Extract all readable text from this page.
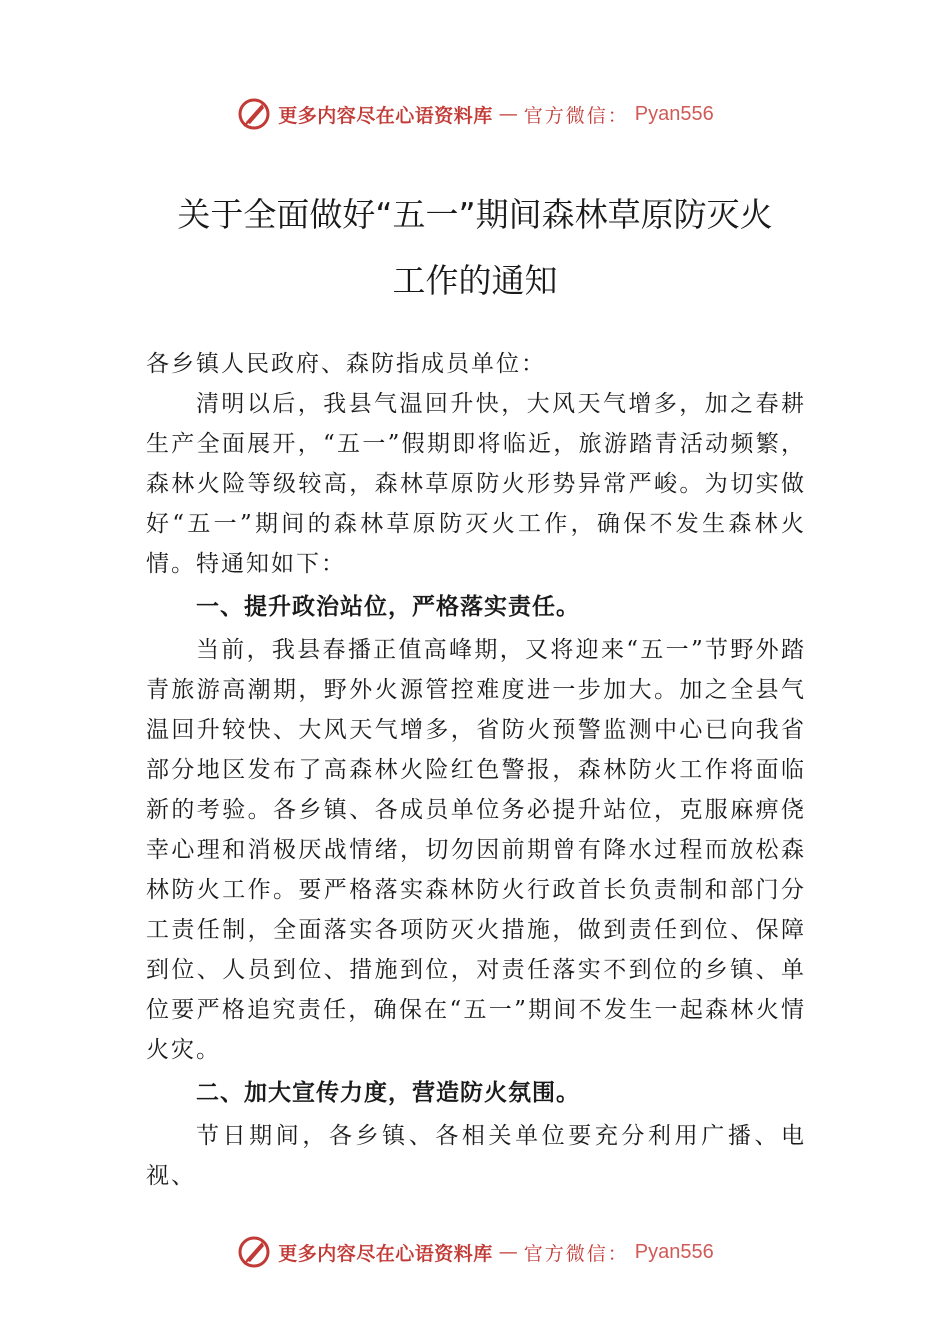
更多内容尽在心语资料库 — 官方微信： Pyan556
关于全面做好“五一”期间森林草原防灭火
工作的通知

各乡镇人民政府、森防指成员单位：

清明以后，我县气温回升快，大风天气增多，加之春耕生产全面展开，“五一”假期即将临近，旅游踏青活动频繁，森林火险等级较高，森林草原防火形势异常严峻。为切实做好“五一”期间的森林草原防灭火工作，确保不发生森林火情。特通知如下：

一、提升政治站位，严格落实责任。

当前，我县春播正值高峰期，又将迎来“五一”节野外踏青旅游高潮期，野外火源管控难度进一步加大。加之全县气温回升较快、大风天气增多，省防火预警监测中心已向我省部分地区发布了高森林火险红色警报，森林防火工作将面临新的考验。各乡镇、各成员单位务必提升站位，克服麻痹侥幸心理和消极厌战情绪，切勿因前期曾有降水过程而放松森林防火工作。要严格落实森林防火行政首长负责制和部门分工责任制，全面落实各项防灭火措施，做到责任到位、保障到位、人员到位、措施到位，对责任落实不到位的乡镇、单 位要严格追究责任，确保在“五一”期间不发生一起森林火情火灾。

二、加大宣传力度，营造防火氛围。

节日期间，各乡镇、各相关单位要充分利用广播、电视、

更多内容尽在心语资料库 — 官方微信： Pyan556
